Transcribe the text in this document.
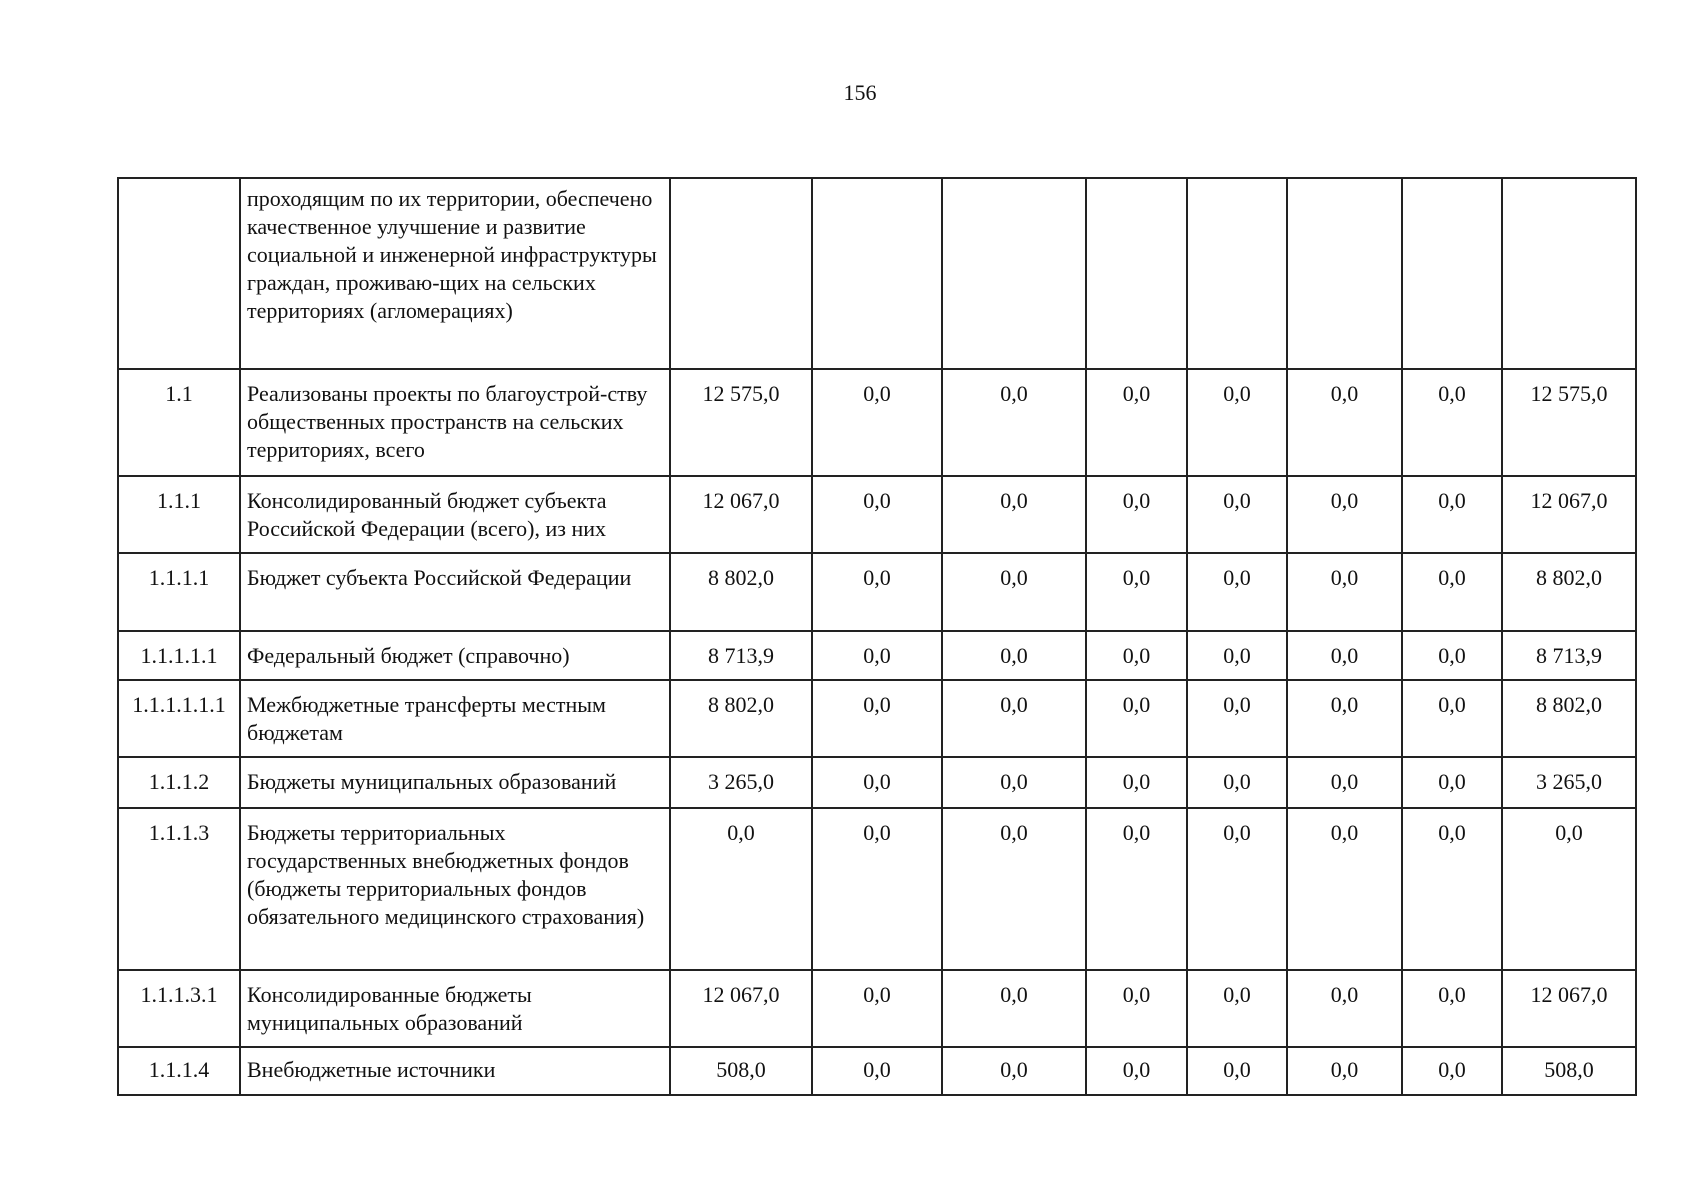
156
	проходящим по их территории, обеспечено качественное улучшение и развитие социальной и инженерной инфраструктуры граждан, проживаю-щих на сельских территориях (агломерациях)								
1.1	Реализованы проекты по благоустрой-ству общественных пространств на сельских территориях, всего	12 575,0	0,0	0,0	0,0	0,0	0,0	0,0	12 575,0
1.1.1	Консолидированный бюджет субъекта Российской Федерации (всего), из них	12 067,0	0,0	0,0	0,0	0,0	0,0	0,0	12 067,0
1.1.1.1	Бюджет субъекта Российской Федерации	8 802,0	0,0	0,0	0,0	0,0	0,0	0,0	8 802,0
1.1.1.1.1	Федеральный бюджет (справочно)	8 713,9	0,0	0,0	0,0	0,0	0,0	0,0	8 713,9
1.1.1.1.1.1	Межбюджетные трансферты местным бюджетам	8 802,0	0,0	0,0	0,0	0,0	0,0	0,0	8 802,0
1.1.1.2	Бюджеты муниципальных образований	3 265,0	0,0	0,0	0,0	0,0	0,0	0,0	3 265,0
1.1.1.3	Бюджеты территориальных государственных внебюджетных фондов (бюджеты территориальных фондов обязательного медицинского страхования)	0,0	0,0	0,0	0,0	0,0	0,0	0,0	0,0
1.1.1.3.1	Консолидированные бюджеты муниципальных образований	12 067,0	0,0	0,0	0,0	0,0	0,0	0,0	12 067,0
1.1.1.4	Внебюджетные источники	508,0	0,0	0,0	0,0	0,0	0,0	0,0	508,0
